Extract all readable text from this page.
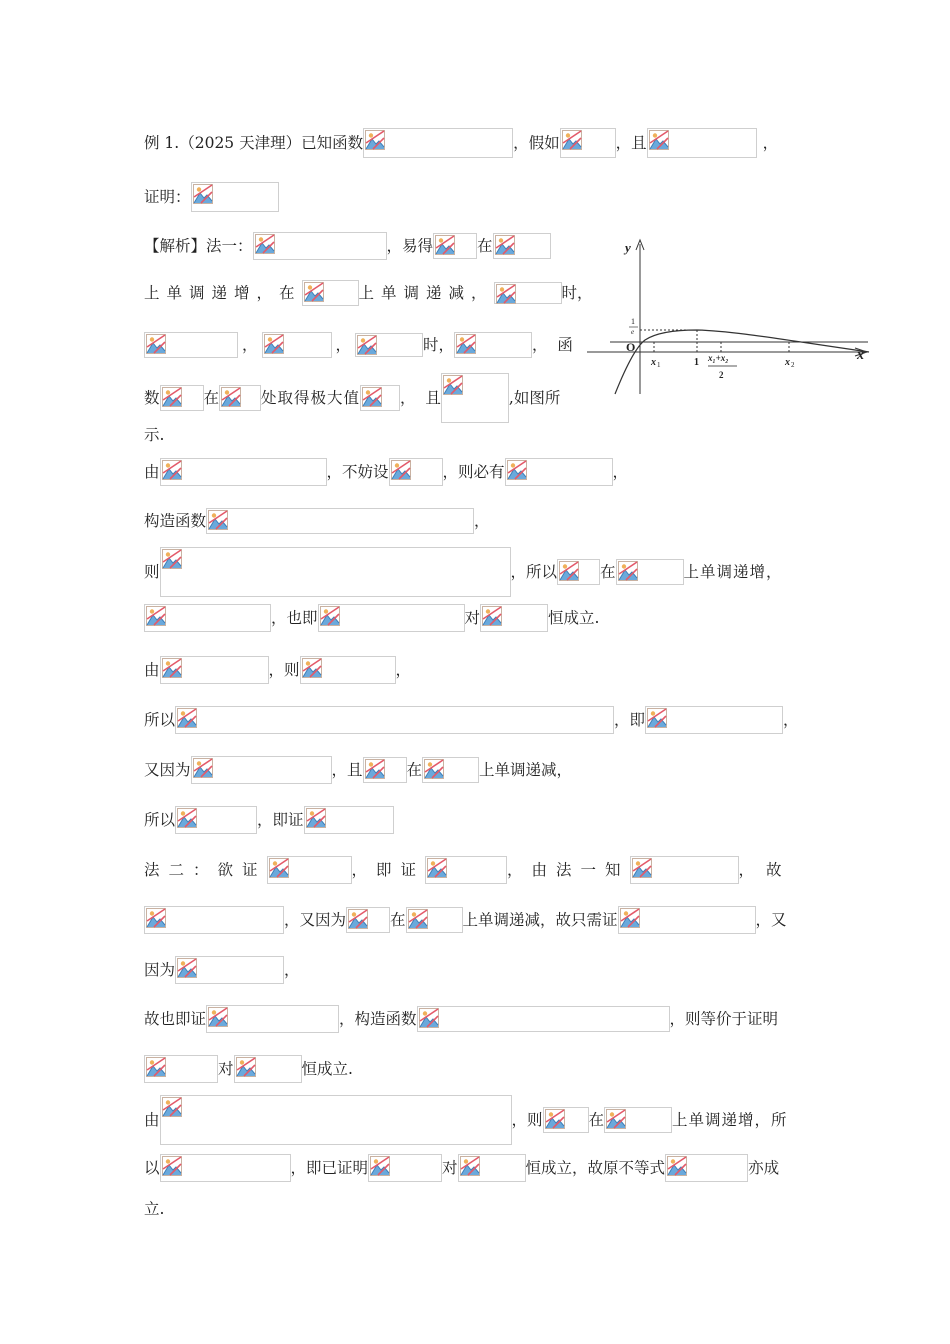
例 1.（2025 天津理）已知函数	，假如	，且	，
证明：
【解析】法一：	，易得	在
上单调递增，在	上单调递减，	时，
，	，	时，	，  函
数	在	处取得极大值	，  且	,如图所
示.
y
x
O
1
e
x 1	1 x₁+x₂
2
x 2
由	，不妨设	，则必有	，
构造函数	，
则	，所以	在	上单调递增，
，也即	对	恒成立.
由	，则	，
所以	，即	，
又因为	，且	在	上单调递减，
所以	，即证
法二：欲证	，即证	，由法一知	，故
，又因为	在	上单调递减，故只需证	，又
因为	，
故也即证	，构造函数	，则等价于证明
对	恒成立.
由	，则	在	上单调递增，所
以	，即已证明	对	恒成立，故原不等式	亦成
立.
